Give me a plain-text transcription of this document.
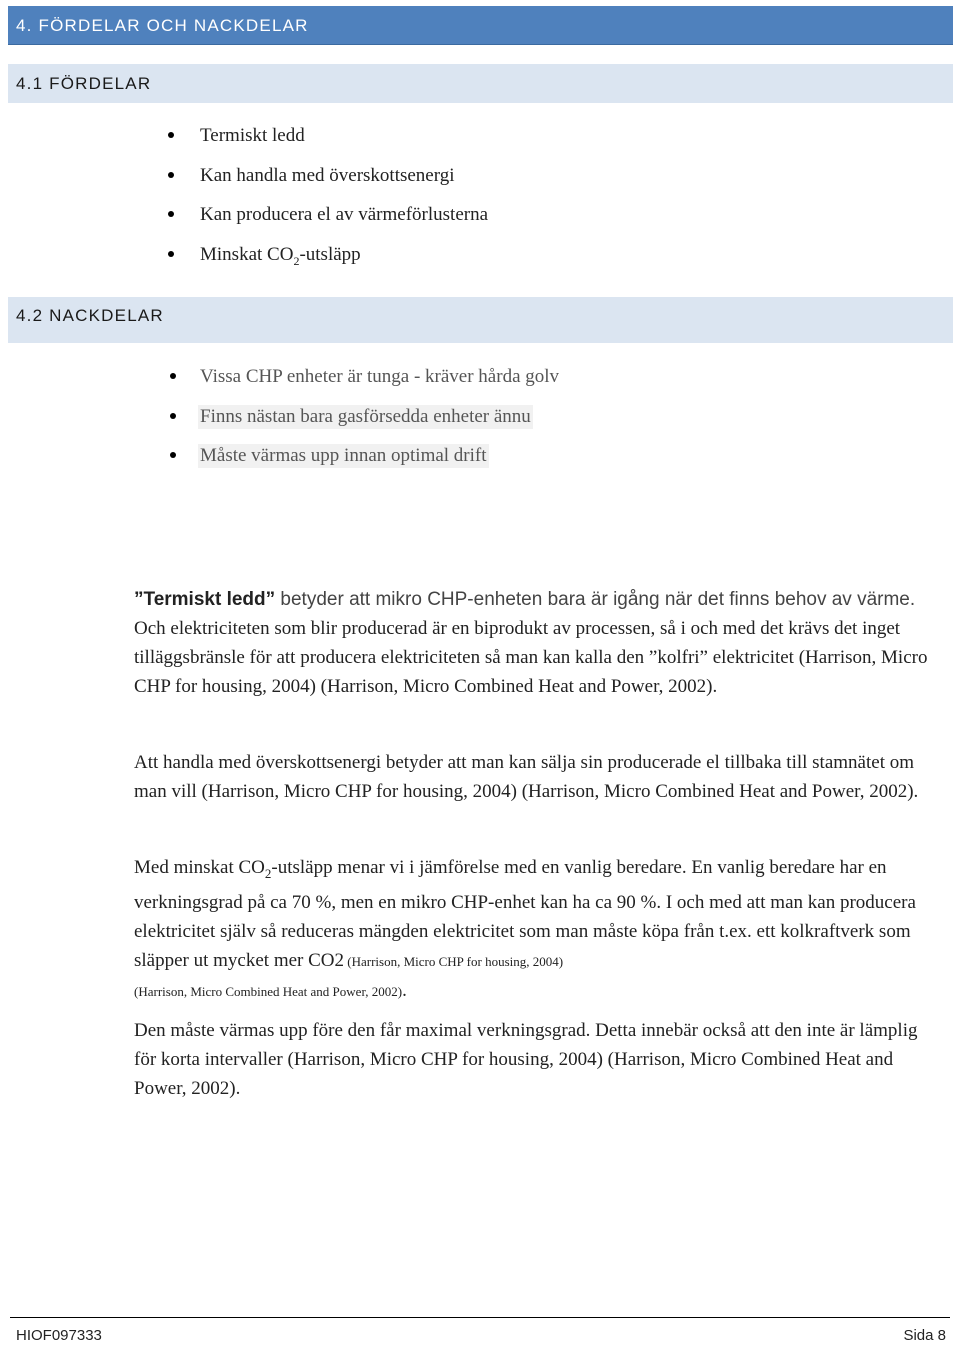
4. FÖRDELAR OCH NACKDELAR
4.1 FÖRDELAR
Termiskt ledd
Kan handla med överskottsenergi
Kan producera el av värmeförlusterna
Minskat $CO_2$-utsläpp
4.2 NACKDELAR
Vissa CHP enheter är tunga - kräver hårda golv
Finns nästan bara gasförsedda enheter ännu
Måste värmas upp innan optimal drift
”Termiskt ledd” betyder att mikro CHP-enheten bara är igång när det finns behov av värme. Och elektriciteten som blir producerad är en biprodukt av processen, så i och med det krävs det inget tilläggsbränsle för att producera elektriciteten så man kan kalla den ”kolfri” elektricitet (Harrison, Micro CHP for housing, 2004) (Harrison, Micro Combined Heat and Power, 2002).
Att handla med överskottsenergi betyder att man kan sälja sin producerade el tillbaka till stamnätet om man vill (Harrison, Micro CHP for housing, 2004) (Harrison, Micro Combined Heat and Power, 2002).
Med minskat $CO_2$-utsläpp menar vi i jämförelse med en vanlig beredare. En vanlig beredare har en verkningsgrad på ca 70 %, men en mikro CHP-enhet kan ha ca 90 %. I och med att man kan producera elektricitet själv så reduceras mängden elektricitet som man måste köpa från t.ex. ett kolkraftverk som släpper ut mycket mer CO2 (Harrison, Micro CHP for housing, 2004)
(Harrison, Micro Combined Heat and Power, 2002).
Den måste värmas upp före den får maximal verkningsgrad. Detta innebär också att den inte är lämplig för korta intervaller (Harrison, Micro CHP for housing, 2004) (Harrison, Micro Combined Heat and Power, 2002).
HIOF097333	Sida 8
